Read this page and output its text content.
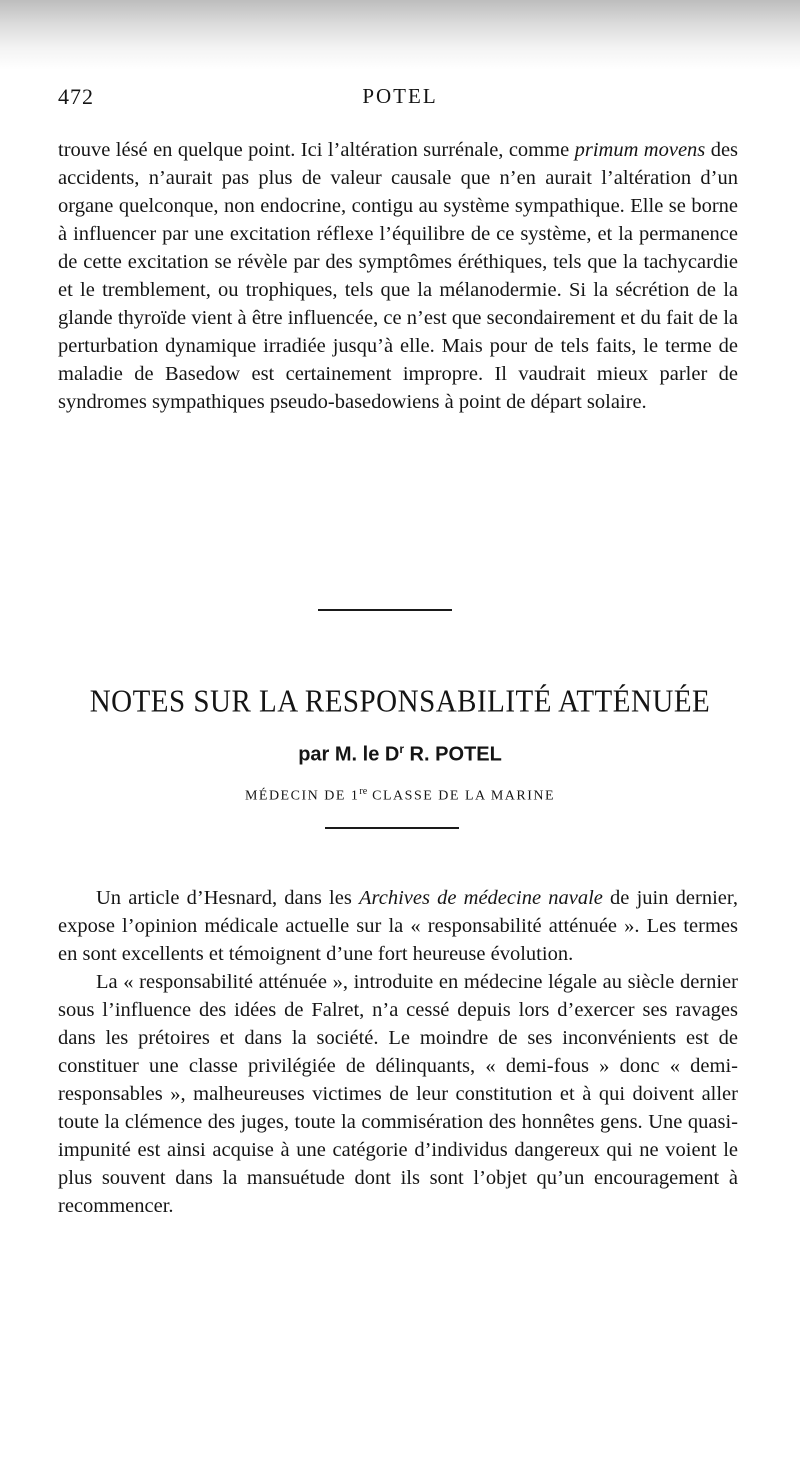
472	POTEL

trouve lésé en quelque point. Ici l’altération surrénale, comme primum movens des accidents, n’aurait pas plus de valeur causale que n’en aurait l’altération d’un organe quelconque, non endocrine, contigu au système sympathique. Elle se borne à influencer par une excitation réflexe l’équilibre de ce système, et la permanence de cette excitation se révèle par des symptômes éréthiques, tels que la tachycardie et le tremblement, ou trophiques, tels que la mélanodermie. Si la sécrétion de la glande thyroïde vient à être influencée, ce n’est que secondairement et du fait de la perturbation dynamique irradiée jusqu’à elle. Mais pour de tels faits, le terme de maladie de Basedow est certainement impropre. Il vaudrait mieux parler de syndromes sympathiques pseudo-basedowiens à point de départ solaire.

NOTES SUR LA RESPONSABILITÉ ATTÉNUÉE
par M. le $D^r$ R. POTEL
MÉDECIN DE 1re CLASSE DE LA MARINE

Un article d’Hesnard, dans les Archives de médecine navale de juin dernier, expose l’opinion médicale actuelle sur la « responsabilité atténuée ». Les termes en sont excellents et témoignent d’une fort heureuse évolution.

La « responsabilité atténuée », introduite en médecine légale au siècle dernier sous l’influence des idées de Falret, n’a cessé depuis lors d’exercer ses ravages dans les prétoires et dans la société. Le moindre de ses inconvénients est de constituer une classe privilégiée de délinquants, « demi-fous » donc « demi-responsables », malheureuses victimes de leur constitution et à qui doivent aller toute la clémence des juges, toute la commisération des honnêtes gens. Une quasi-impunité est ainsi acquise à une catégorie d’individus dangereux qui ne voient le plus souvent dans la mansuétude dont ils sont l’objet qu’un encouragement à recommencer.
